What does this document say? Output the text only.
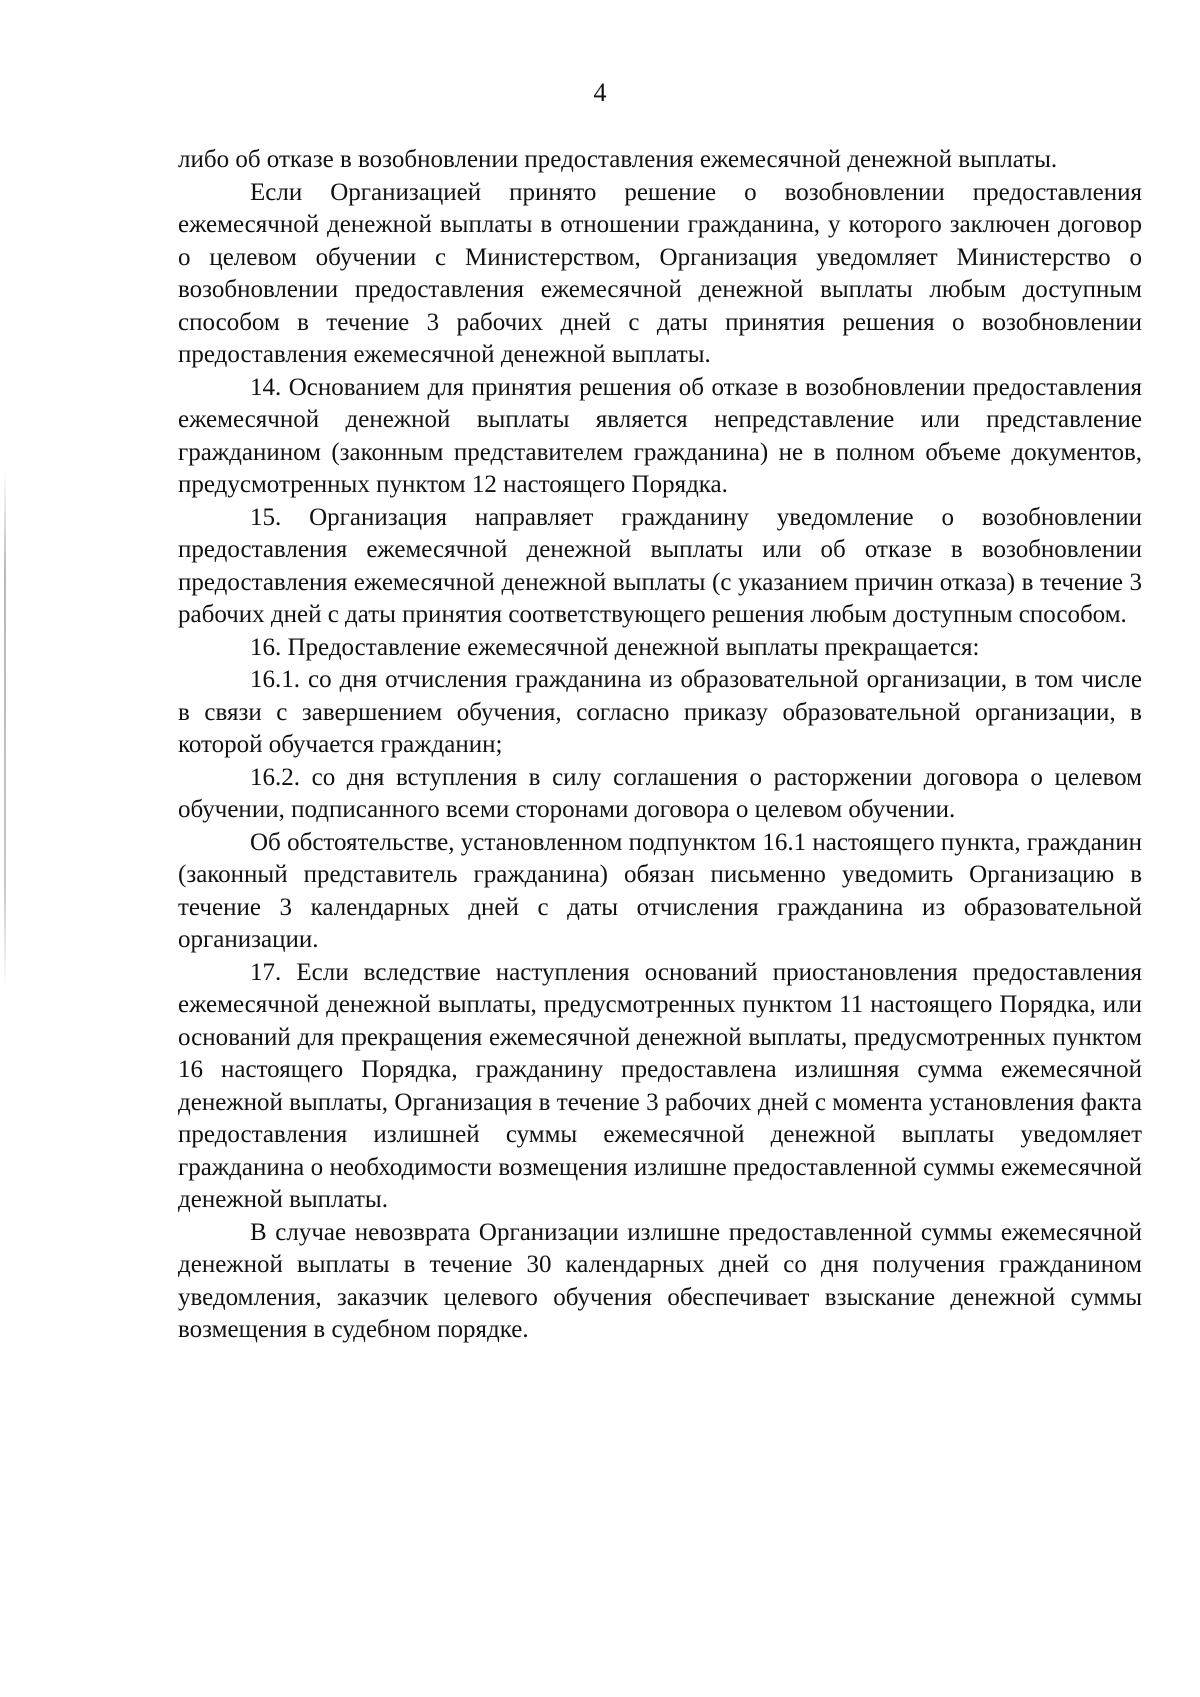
4

либо об отказе в возобновлении предоставления ежемесячной денежной выплаты.

Если Организацией принято решение о возобновлении предоставления ежемесячной денежной выплаты в отношении гражданина, у которого заключен договор о целевом обучении с Министерством, Организация уведомляет Министерство о возобновлении предоставления ежемесячной денежной выплаты любым доступным способом в течение 3 рабочих дней с даты принятия решения о возобновлении предоставления ежемесячной денежной выплаты.

14. Основанием для принятия решения об отказе в возобновлении предоставления ежемесячной денежной выплаты является непредставление или представление гражданином (законным представителем гражданина) не в полном объеме документов, предусмотренных пунктом 12 настоящего Порядка.

15. Организация направляет гражданину уведомление о возобновлении предоставления ежемесячной денежной выплаты или об отказе в возобновлении предоставления ежемесячной денежной выплаты (с указанием причин отказа) в течение 3 рабочих дней с даты принятия соответствующего решения любым доступным способом.

16. Предоставление ежемесячной денежной выплаты прекращается:

16.1. со дня отчисления гражданина из образовательной организации, в том числе в связи с завершением обучения, согласно приказу образовательной организации, в которой обучается гражданин;

16.2. со дня вступления в силу соглашения о расторжении договора о целевом обучении, подписанного всеми сторонами договора о целевом обучении.

Об обстоятельстве, установленном подпунктом 16.1 настоящего пункта, гражданин (законный представитель гражданина) обязан письменно уведомить Организацию в течение 3 календарных дней с даты отчисления гражданина из образовательной организации.

17. Если вследствие наступления оснований приостановления предоставления ежемесячной денежной выплаты, предусмотренных пунктом 11 настоящего Порядка, или оснований для прекращения ежемесячной денежной выплаты, предусмотренных пунктом 16 настоящего Порядка, гражданину предоставлена излишняя сумма ежемесячной денежной выплаты, Организация в течение 3 рабочих дней с момента установления факта предоставления излишней суммы ежемесячной денежной выплаты уведомляет гражданина о необходимости возмещения излишне предоставленной суммы ежемесячной денежной выплаты.

В случае невозврата Организации излишне предоставленной суммы ежемесячной денежной выплаты в течение 30 календарных дней со дня получения гражданином уведомления, заказчик целевого обучения обеспечивает взыскание денежной суммы возмещения в судебном порядке.
